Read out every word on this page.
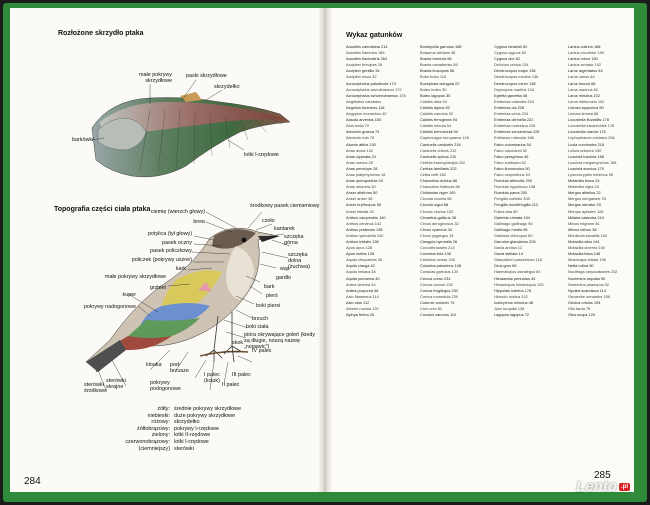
Rozłożone skrzydło ptaka
małe pokrywy skrzydłowe
paski skrzydłowe
skrzydełko
barkówki
lotki I-rzędowe
Topografia części ciała ptaka ciemię (wierzch głowy)
brew
potylica (tył głowy)
pasek oczny
pasek policzkowy
policzek (pokrywy uszne)
kark
małe pokrywy skrzydłowe
grzbiet
środkowy pasek ciemieniowy
czoło
kantarek
szczęka górna
szczęka dolna (żuchwa)
wąs
gardło
bark
pierś
boki piersi
kuper
pokrywy nadogonowe
brzuch
boki ciała
pióra okrywające goleń (kiedy są długie, noszą nazwę „nogawic")
skok
IV palec
kloaka pod- brzusze
I palec (kciuk)
III palec
II palec
sterówki skrajne
sterówki środkowe
pokrywy podogonowe
żółty: średnie pokrywy skrzydłowe
niebieski: duże pokrywy skrzydłowe
różowy: skrzydełko
żółtobrązowy: pokrywy I-rzędowe
zielony: lotki II-rzędowe
czerwonobrązowy: lotki I-rzędowe
(ciemniejszy) sterówki
284
Wykaz gatunków
Acanthis cannabina 214
Acanthis flammea 186
Acanthis flavirostris 264
Accipiter brevipes 28
Accipiter gentilis 34
Accipiter nisus 32
Acrocephalus paludicola 174
Acrocephalus arundinaceus 172
Acrocephalus schoenobaenus 174
Aegithalos caudatus
Aegolius funereus 118
Aegypius monachus 40
Alauda arvensis 150
Alca torda 70
Alectoris graeca 74
Alectoris rufa 76
Alcedo atthis 130
Anas acuta 132
Anas clypeata 24
Anas crecca 28
Anas penelope 28
Anas platyrhynchos 16
Anas querquedula 20
Anas strepera 30
Anser albifrons 50
Anser anser 36
Anser erythropus 50
Anser fabalis 42
Anthus campestris 140
Anthus cervinus 142
Anthus pratensis 138
Anthus spinoletta 140
Anthus trivialis 138
Apus apus 128
Apus melba 128
Aquila chrysaetos 36
Aquila clanga 42
Aquila heliaca 38
Aquila pomarina 40
Ardea cinerea 44
Ardea purpurea 46
Asio flammeus 114
Asio otus 112
Athene noctua 120
Aythya ferina 26
Bombycilla garrulus 188
Botaurus stellaris 48
Branta bernicla 58
Branta canadensis 56
Branta leucopsis 56
Bubo bubo 116
Bucephala clangula 22
Buteo buteo 30
Buteo lagopus 30
Calidris alba 94
Calidris alpina 92
Calidris canutus 92
Calidris ferruginea 94
Calidris minuta 94
Calidris temminckii 94
Caprimulgus europaeus 126
Carduelis carduelis 216
Carduelis chloris 212
Carduelis spinus 210
Certhia brachydactyla 202
Certhia familiaris 202
Cettia cetti 182
Charadrius dubius 88
Charadrius hiaticula 86
Chlidonias niger 100
Ciconia ciconia 68
Ciconia nigra 68
Cinclus cinclus 152
Circaetus gallicus 38
Circus aeruginosus 32
Circus cyaneus 34
Circus pygargus 34
Clangula hyemalis 26
Coccothraustes 214
Columba livia 106
Columba oenas 106
Columba palumbus 108
Coracias garrulus 130
Corvus corax 234
Corvus corone 232
Corvus frugilegus 230
Corvus monedula 230
Coturnix coturnix 74
Crex crex 82
Cuculus canorus 110
Cygnus bewickii 62
Cygnus cygnus 60
Cygnus olor 62
Delichon urbica 134
Dendrocopos major 136
Dendrocopos medius 136
Dendrocopos minor 138
Dryocopus martius 134
Egretta garzetta 48
Emberiza calandra 224
Emberiza cia 226
Emberiza cirlus 224
Emberiza citrinella 222
Emberiza hortulana 226
Emberiza schoeniclus 228
Erithacus rubecula 166
Falco columbarius 54
Falco naumanni 52
Falco peregrinus 46
Falco subbuteo 52
Falco tinnunculus 50
Falco vespertinus 54
Ficedula albicollis 200
Ficedula hypoleuca 198
Ficedula parva 200
Fringilla coelebs 208
Fringilla montifringilla 212
Fulica atra 80
Galerida cristata 154
Gallinago gallinago 96
Gallinago media 96
Gallinula chloropus 80
Garrulus glandarius 228
Gavia arctica 12
Gavia stellata 14
Glaucidium passerinum 118
Grus grus 66
Haematopus ostralegus 84
Hieraaetus pennatus 44
Himantopus himantopus 100
Hippolais icterina 176
Hirundo rustica 132
Ixobrychus minutus 48
Jynx torquilla 138
Lagopus lagopus 72
Lanius collurio 188
Lanius excubitor 190
Lanius minor 190
Lanius senator 192
Larus argentatus 64
Larus canus 64
Larus fuscus 66
Larus marinus 62
Larus minutus 102
Larus ridibundus 102
Limosa lapponica 90
Limosa limosa 88
Locustella fluviatilis 178
Locustella luscinioides 178
Locustella naevia 176
Lophophanes cristatus 206
Loxia curvirostra 218
Lullula arborea 150
Luscinia luscinia 168
Luscinia megarhynchos 168
Luscinia svecica 170
Lymnocryptes minimus 96
Melanitta fusca 24
Melanitta nigra 24
Mergus albellus 22
Mergus merganser 20
Mergus serrator 20
Merops apiaster 128
Miliaria calandra 224
Milvus migrans 44
Milvus milvus 36
Monticola saxatilis 160
Motacilla alba 144
Motacilla cinerea 146
Motacilla flava 146
Muscicapa striata 198
Netta rufina 30
Nucifraga caryocatactes 232
Numenius arquata 90
Numenius phaeopus 92
Nyctea scandiaca 114
Oenanthe oenanthe 156
Oriolus oriolus 194
Otis tarda 78
Otus scops 120
285
Lento .pl
